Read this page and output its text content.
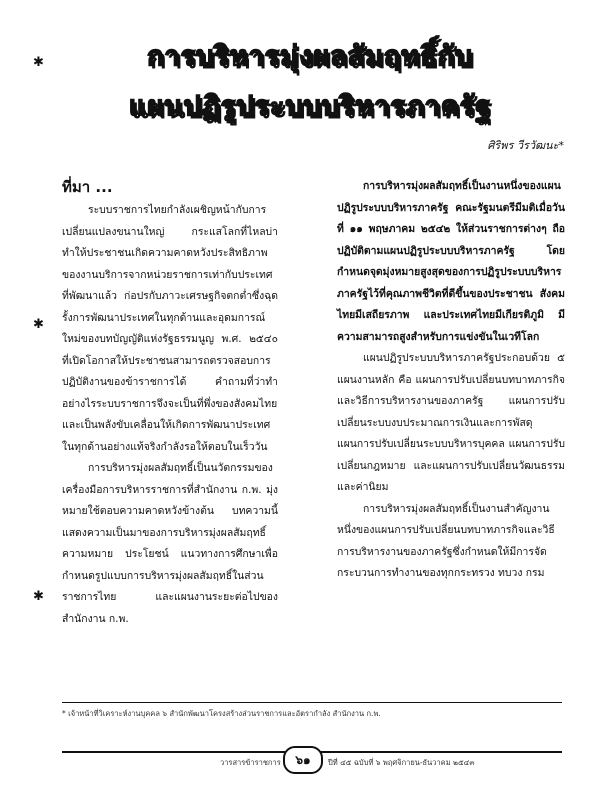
การบริหารมุ่งผลสัมฤทธิ์กับ
แผนปฏิรูประบบบริหารภาครัฐ
✱
✱
✱
ศิริพร วีรวัฒนะ*
ที่มา ...

ระบบราชการไทยกำลังเผชิญหน้ากับการเปลี่ยนแปลงขนานใหญ่ กระแสโลกที่ไหลบ่าทำให้ประชาชนเกิดความคาดหวังประสิทธิภาพของงานบริการจากหน่วยราชการเท่ากับประเทศที่พัฒนาแล้ว ก่อปรกับภาวะเศรษฐกิจตกต่ำซึ่งฉุดรั้งการพัฒนาประเทศในทุกด้านและอุดมการณ์ใหม่ของบทบัญญัติแห่งรัฐธรรมนูญ พ.ศ. ๒๕๔๐ ที่เปิดโอกาสให้ประชาชนสามารถตรวจสอบการปฏิบัติงานของข้าราชการได้ คำถามที่ว่าทำอย่างไรระบบราชการจึงจะเป็นที่พึ่งของสังคมไทย และเป็นพลังขับเคลื่อนให้เกิดการพัฒนาประเทศในทุกด้านอย่างแท้จริงกำลังรอให้ตอบในเร็ววัน

การบริหารมุ่งผลสัมฤทธิ์เป็นนวัตกรรมของเครื่องมือการบริหารราชการที่สำนักงาน ก.พ. มุ่งหมายใช้ตอบความคาดหวังข้างต้น บทความนี้แสดงความเป็นมาของการบริหารมุ่งผลสัมฤทธิ์ ความหมาย ประโยชน์ แนวทางการศึกษาเพื่อกำหนดรูปแบบการบริหารมุ่งผลสัมฤทธิ์ในส่วนราชการไทย และแผนงานระยะต่อไปของสำนักงาน ก.พ.

การบริหารมุ่งผลสัมฤทธิ์เป็นงานหนึ่งของแผนปฏิรูประบบบริหารภาครัฐ คณะรัฐมนตรีมีมติเมื่อวันที่ ๑๑ พฤษภาคม ๒๕๔๒ ให้ส่วนราชการต่างๆ ถือปฏิบัติตามแผนปฏิรูประบบบริหารภาครัฐ โดยกำหนดจุดมุ่งหมายสูงสุดของการปฏิรูประบบบริหารภาครัฐไว้ที่คุณภาพชีวิตที่ดีขึ้นของประชาชน สังคมไทยมีเสถียรภาพ และประเทศไทยมีเกียรติภูมิ มีความสามารถสูงสำหรับการแข่งขันในเวทีโลก

แผนปฏิรูประบบบริหารภาครัฐประกอบด้วย ๕ แผนงานหลัก คือ แผนการปรับเปลี่ยนบทบาทภารกิจและวิธีการบริหารงานของภาครัฐ แผนการปรับเปลี่ยนระบบงบประมาณการเงินและการพัสดุ แผนการปรับเปลี่ยนระบบบริหารบุคคล แผนการปรับเปลี่ยนกฎหมาย และแผนการปรับเปลี่ยนวัฒนธรรมและค่านิยม

การบริหารมุ่งผลสัมฤทธิ์เป็นงานสำคัญงานหนึ่งของแผนการปรับเปลี่ยนบทบาทภารกิจและวิธีการบริหารงานของภาครัฐซึ่งกำหนดให้มีการจัดกระบวนการทำงานของทุกกระทรวง ทบวง กรม

* เจ้าหน้าที่วิเคราะห์งานบุคคล ๖ สำนักพัฒนาโครงสร้างส่วนราชการและอัตรากำลัง สำนักงาน ก.พ.
วารสารข้าราชการ	๖๑	ปีที่ ๔๕ ฉบับที่ ๖ พฤศจิกายน-ธันวาคม ๒๕๔๓
